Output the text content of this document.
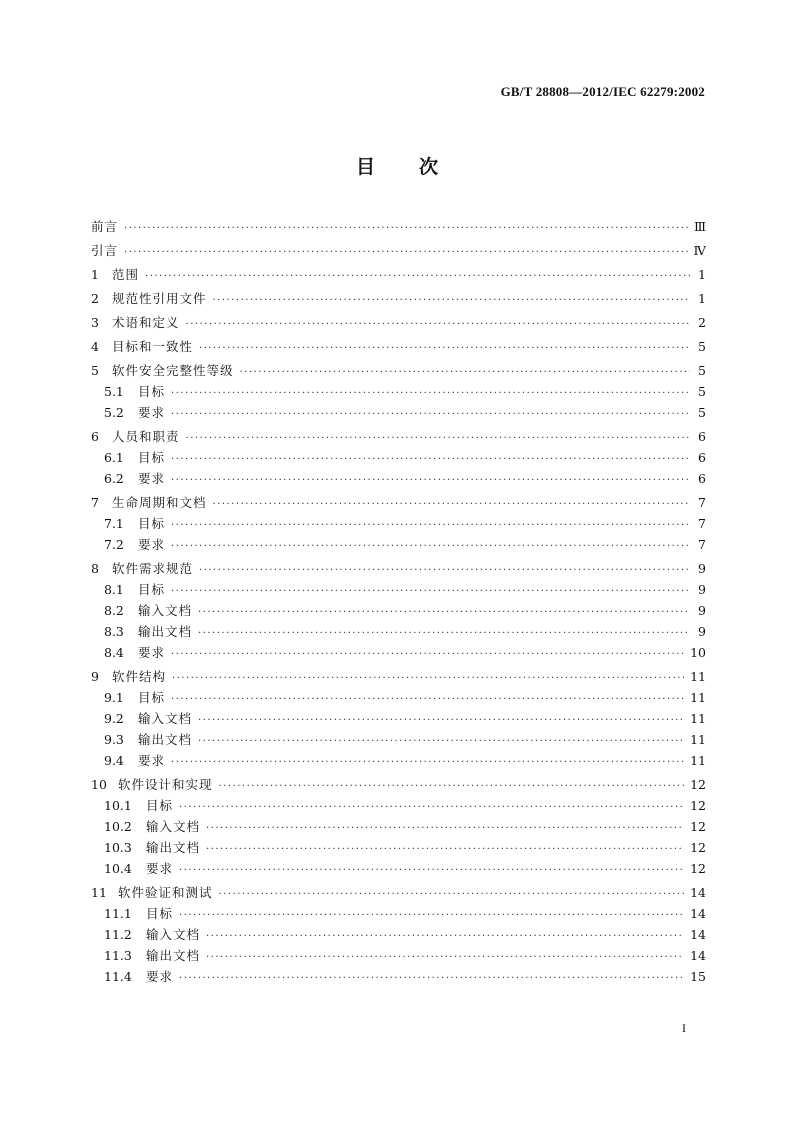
GB/T 28808—2012/IEC 62279:2002
目 次
前言 ·····	Ⅲ
引言 ·····	Ⅳ
1	范围 ·····	1
2	规范性引用文件 ·····	1
3	术语和定义 ·····	2
4	目标和一致性 ·····	5
5	软件安全完整性等级 ·····	5
5.1	目标 ·····	5
5.2	要求 ·····	5
6	人员和职责 ·····	6
6.1	目标 ·····	6
6.2	要求 ·····	6
7	生命周期和文档 ·····	7
7.1	目标 ·····	7
7.2	要求 ·····	7
8	软件需求规范 ·····	9
8.1	目标 ·····	9
8.2	输入文档 ·····	9
8.3	输出文档 ·····	9
8.4	要求 ·····	10
9	软件结构 ·····	11
9.1	目标 ·····	11
9.2	输入文档 ·····	11
9.3	输出文档 ·····	11
9.4	要求 ·····	11
10 软件设计和实现 ·····	12
10.1	目标 ·····	12
10.2	输入文档 ·····	12
10.3	输出文档 ·····	12
10.4	要求 ·····	12
11 软件验证和测试 ·····	14
11.1	目标 ·····	14
11.2	输入文档 ·····	14
11.3	输出文档 ·····	14
11.4	要求 ·····	15
I
